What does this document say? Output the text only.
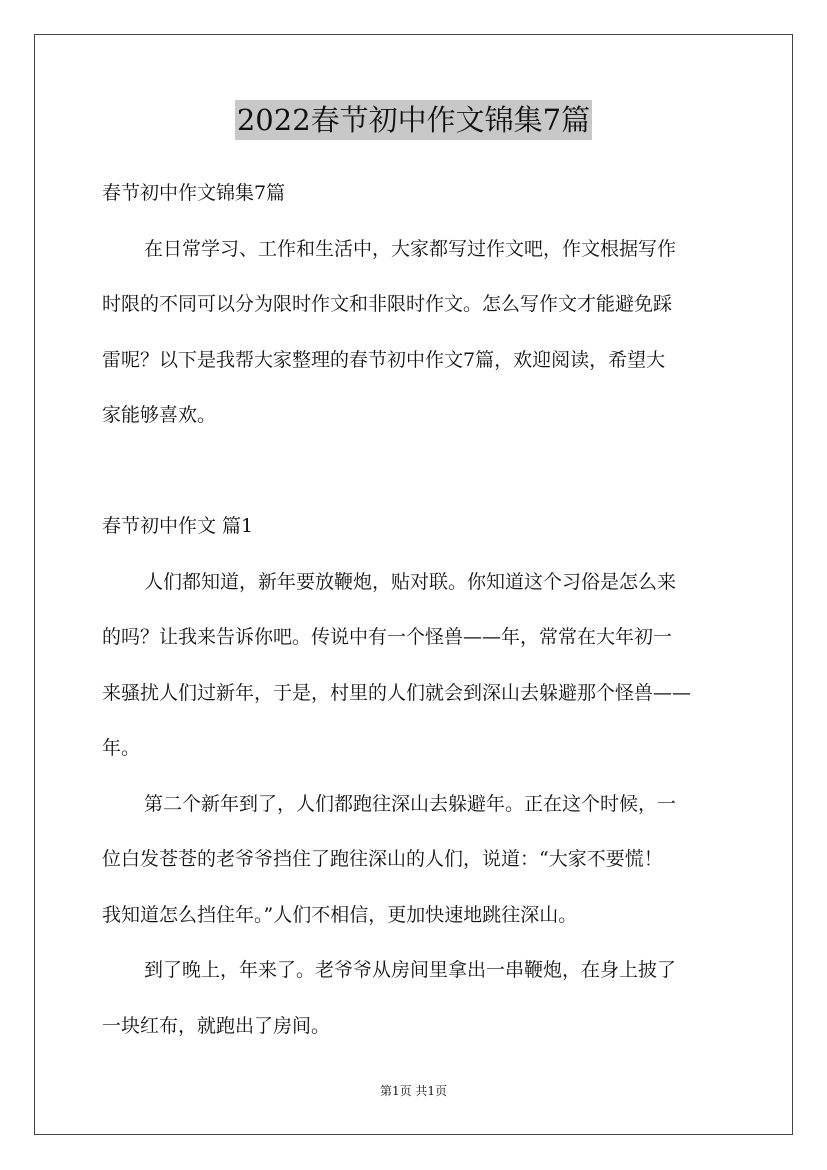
2022春节初中作文锦集7篇
春节初中作文锦集7篇
在日常学习、工作和生活中，大家都写过作文吧，作文根据写作
时限的不同可以分为限时作文和非限时作文。怎么写作文才能避免踩
雷呢？以下是我帮大家整理的春节初中作文7篇，欢迎阅读，希望大
家能够喜欢。
春节初中作文 篇1
人们都知道，新年要放鞭炮，贴对联。你知道这个习俗是怎么来
的吗？让我来告诉你吧。传说中有一个怪兽——年，常常在大年初一
来骚扰人们过新年，于是，村里的人们就会到深山去躲避那个怪兽——
年。
第二个新年到了，人们都跑往深山去躲避年。正在这个时候，一
位白发苍苍的老爷爷挡住了跑往深山的人们，说道：“大家不要慌！
我知道怎么挡住年。”人们不相信，更加快速地跳往深山。
到了晚上，年来了。老爷爷从房间里拿出一串鞭炮，在身上披了
一块红布，就跑出了房间。
第1页 共1页
